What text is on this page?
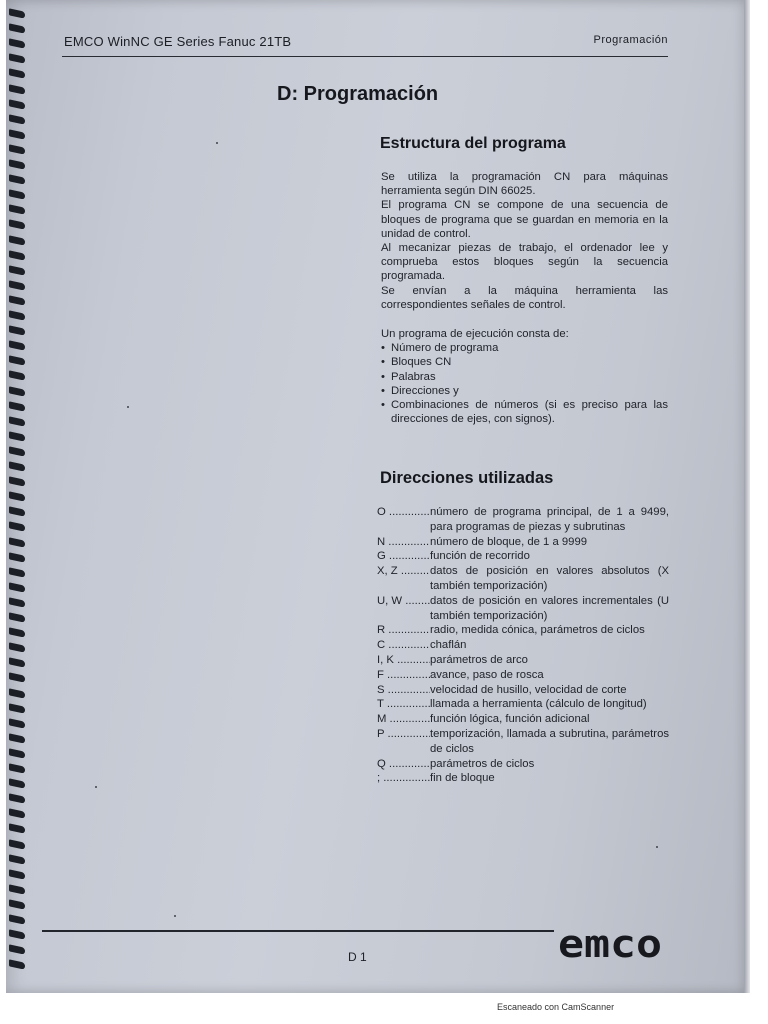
EMCO WinNC GE Series Fanuc 21TB	Programación
D: Programación
Estructura del programa

Se utiliza la programación CN para máquinas herramienta según DIN 66025.

El programa CN se compone de una secuencia de bloques de programa que se guardan en memoria en la unidad de control.

Al mecanizar piezas de trabajo, el ordenador lee y comprueba estos bloques según la secuencia programada.

Se envían a la máquina herramienta las correspondientes señales de control.

Un programa de ejecución consta de:

• Número de programa
• Bloques CN
• Palabras
• Direcciones y
• Combinaciones de números (si es preciso para las direcciones de ejes, con signos).
Direcciones utilizadas
O .....	número de programa principal, de 1 a 9499, para programas de piezas y subrutinas
N .....	número de bloque, de 1 a 9999
G .....	función de recorrido
X, Z .....	datos de posición en valores absolutos (X también temporización)
U, W .....	datos de posición en valores incrementales (U también temporización)
R .....	radio, medida cónica, parámetros de ciclos
C .....	chaflán
I, K .....	parámetros de arco
F .....	avance, paso de rosca
S .....	velocidad de husillo, velocidad de corte
T .....	llamada a herramienta (cálculo de longitud)
M .....	función lógica, función adicional
P .....	temporización, llamada a subrutina, parámetros de ciclos
Q .....	parámetros de ciclos
; .....	fin de bloque
D 1	emco
Escaneado con CamScanner
